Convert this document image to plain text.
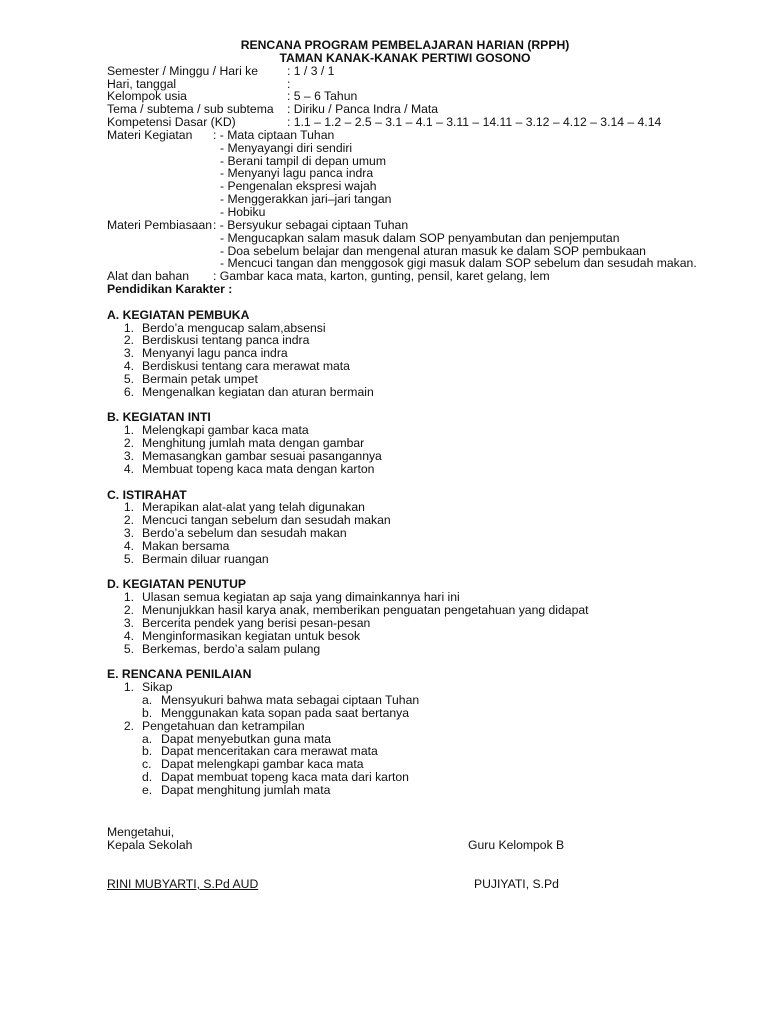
RENCANA PROGRAM PEMBELAJARAN HARIAN (RPPH)
TAMAN KANAK-KANAK PERTIWI GOSONO
Semester / Minggu / Hari ke	: 1 / 3 / 1
Hari, tanggal	:
Kelompok usia	: 5 – 6 Tahun
Tema / subtema / sub subtema	: Diriku / Panca Indra / Mata
Kompetensi Dasar (KD)	: 1.1 – 1.2 – 2.5 – 3.1 – 4.1 – 3.11 – 14.11 – 3.12 – 4.12 – 3.14 – 4.14
Materi Kegiatan	: - Mata ciptaan Tuhan
- Menyayangi diri sendiri
- Berani tampil di depan umum
- Menyanyi lagu panca indra
- Pengenalan ekspresi wajah
- Menggerakkan jari–jari tangan
- Hobiku
Materi Pembiasaan : - Bersyukur sebagai ciptaan Tuhan
- Mengucapkan salam masuk dalam SOP penyambutan dan penjemputan
- Doa sebelum belajar dan mengenal aturan masuk ke dalam SOP pembukaan
- Mencuci tangan dan menggosok gigi masuk dalam SOP sebelum dan sesudah makan.
Alat dan bahan	: Gambar kaca mata, karton, gunting, pensil, karet gelang, lem
Pendidikan Karakter :
A. KEGIATAN PEMBUKA
1. Berdo’a mengucap salam,absensi
2. Berdiskusi tentang panca indra
3. Menyanyi lagu panca indra
4. Berdiskusi tentang cara merawat mata
5. Bermain petak umpet
6. Mengenalkan kegiatan dan aturan bermain
B. KEGIATAN INTI
1. Melengkapi gambar kaca mata
2. Menghitung jumlah mata dengan gambar
3. Memasangkan gambar sesuai pasangannya
4. Membuat topeng kaca mata dengan karton
C. ISTIRAHAT
1. Merapikan alat-alat yang telah digunakan
2. Mencuci tangan sebelum dan sesudah makan
3. Berdo’a sebelum dan sesudah makan
4. Makan bersama
5. Bermain diluar ruangan
D. KEGIATAN PENUTUP
1. Ulasan semua kegiatan ap saja yang dimainkannya hari ini
2. Menunjukkan hasil karya anak, memberikan penguatan pengetahuan yang didapat
3. Bercerita pendek yang berisi pesan-pesan
4. Menginformasikan kegiatan untuk besok
5. Berkemas, berdo’a salam pulang
E. RENCANA PENILAIAN
1. Sikap
a. Mensyukuri bahwa mata sebagai ciptaan Tuhan
b. Menggunakan kata sopan pada saat bertanya
2. Pengetahuan dan ketrampilan
a. Dapat menyebutkan guna mata
b. Dapat menceritakan cara merawat mata
c. Dapat melengkapi gambar kaca mata
d. Dapat membuat topeng kaca mata dari karton
e. Dapat menghitung jumlah mata
Mengetahui,
Kepala Sekolah	Guru Kelompok B
RINI MUBYARTI, S.Pd AUD	PUJIYATI, S.Pd
